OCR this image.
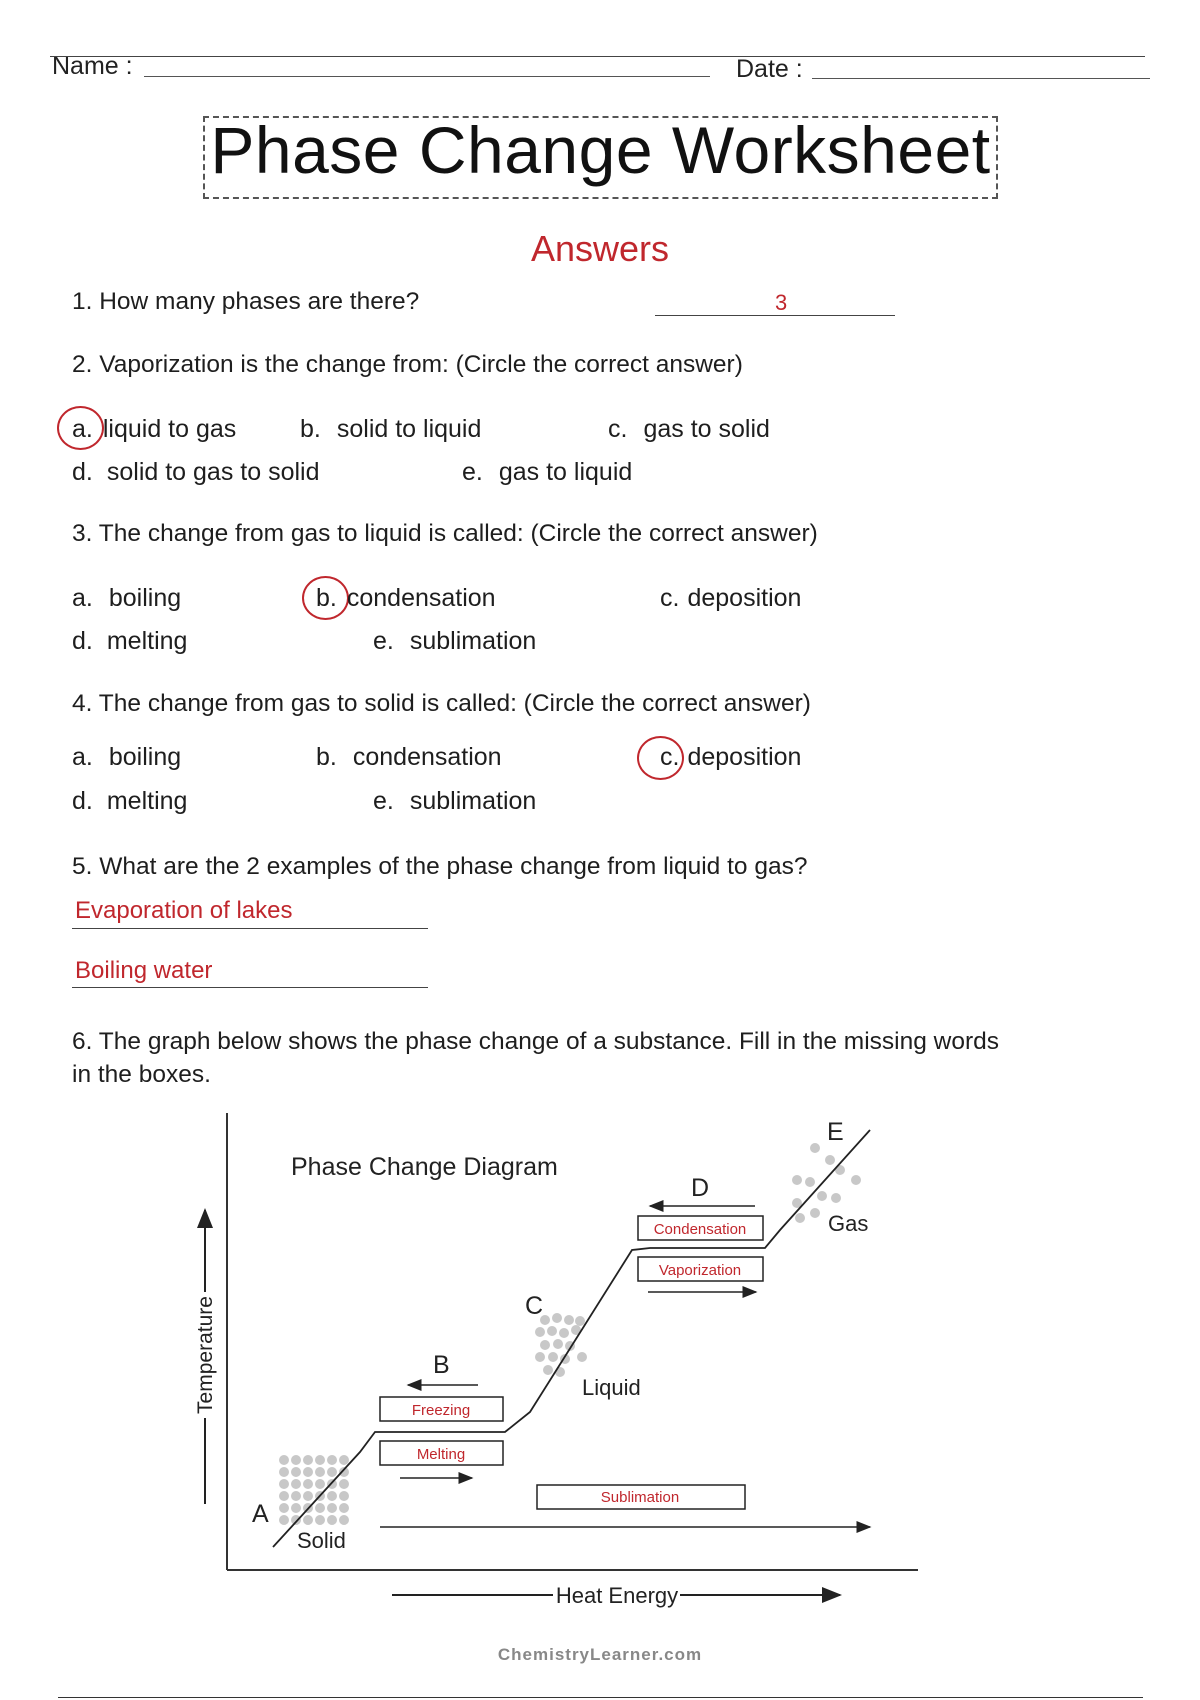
Name :	Date :
Phase Change Worksheet
Answers
1. How many phases are there?	3
2. Vaporization is the change from: (Circle the correct answer)
a. liquid to gas	b. solid to liquid	c. gas to solid
d. solid to gas to solid	e. gas to liquid
3. The change from gas to liquid is called: (Circle the correct answer)
a. boiling	b. condensation	c. deposition
d. melting	e. sublimation
4. The change from gas to solid is called: (Circle the correct answer)
a. boiling	b. condensation	c. deposition
d. melting	e. sublimation
5. What are the 2 examples of the phase change from liquid to gas?
Evaporation of lakes
Boiling water
6. The graph below shows the phase change of a substance. Fill in the missing words
in the boxes.
Temperature
Heat Energy
Phase Change Diagram
A
B
C
D
E
Solid
Liquid
Gas
Freezing
Melting
Condensation
Vaporization
Sublimation
ChemistryLearner.com
